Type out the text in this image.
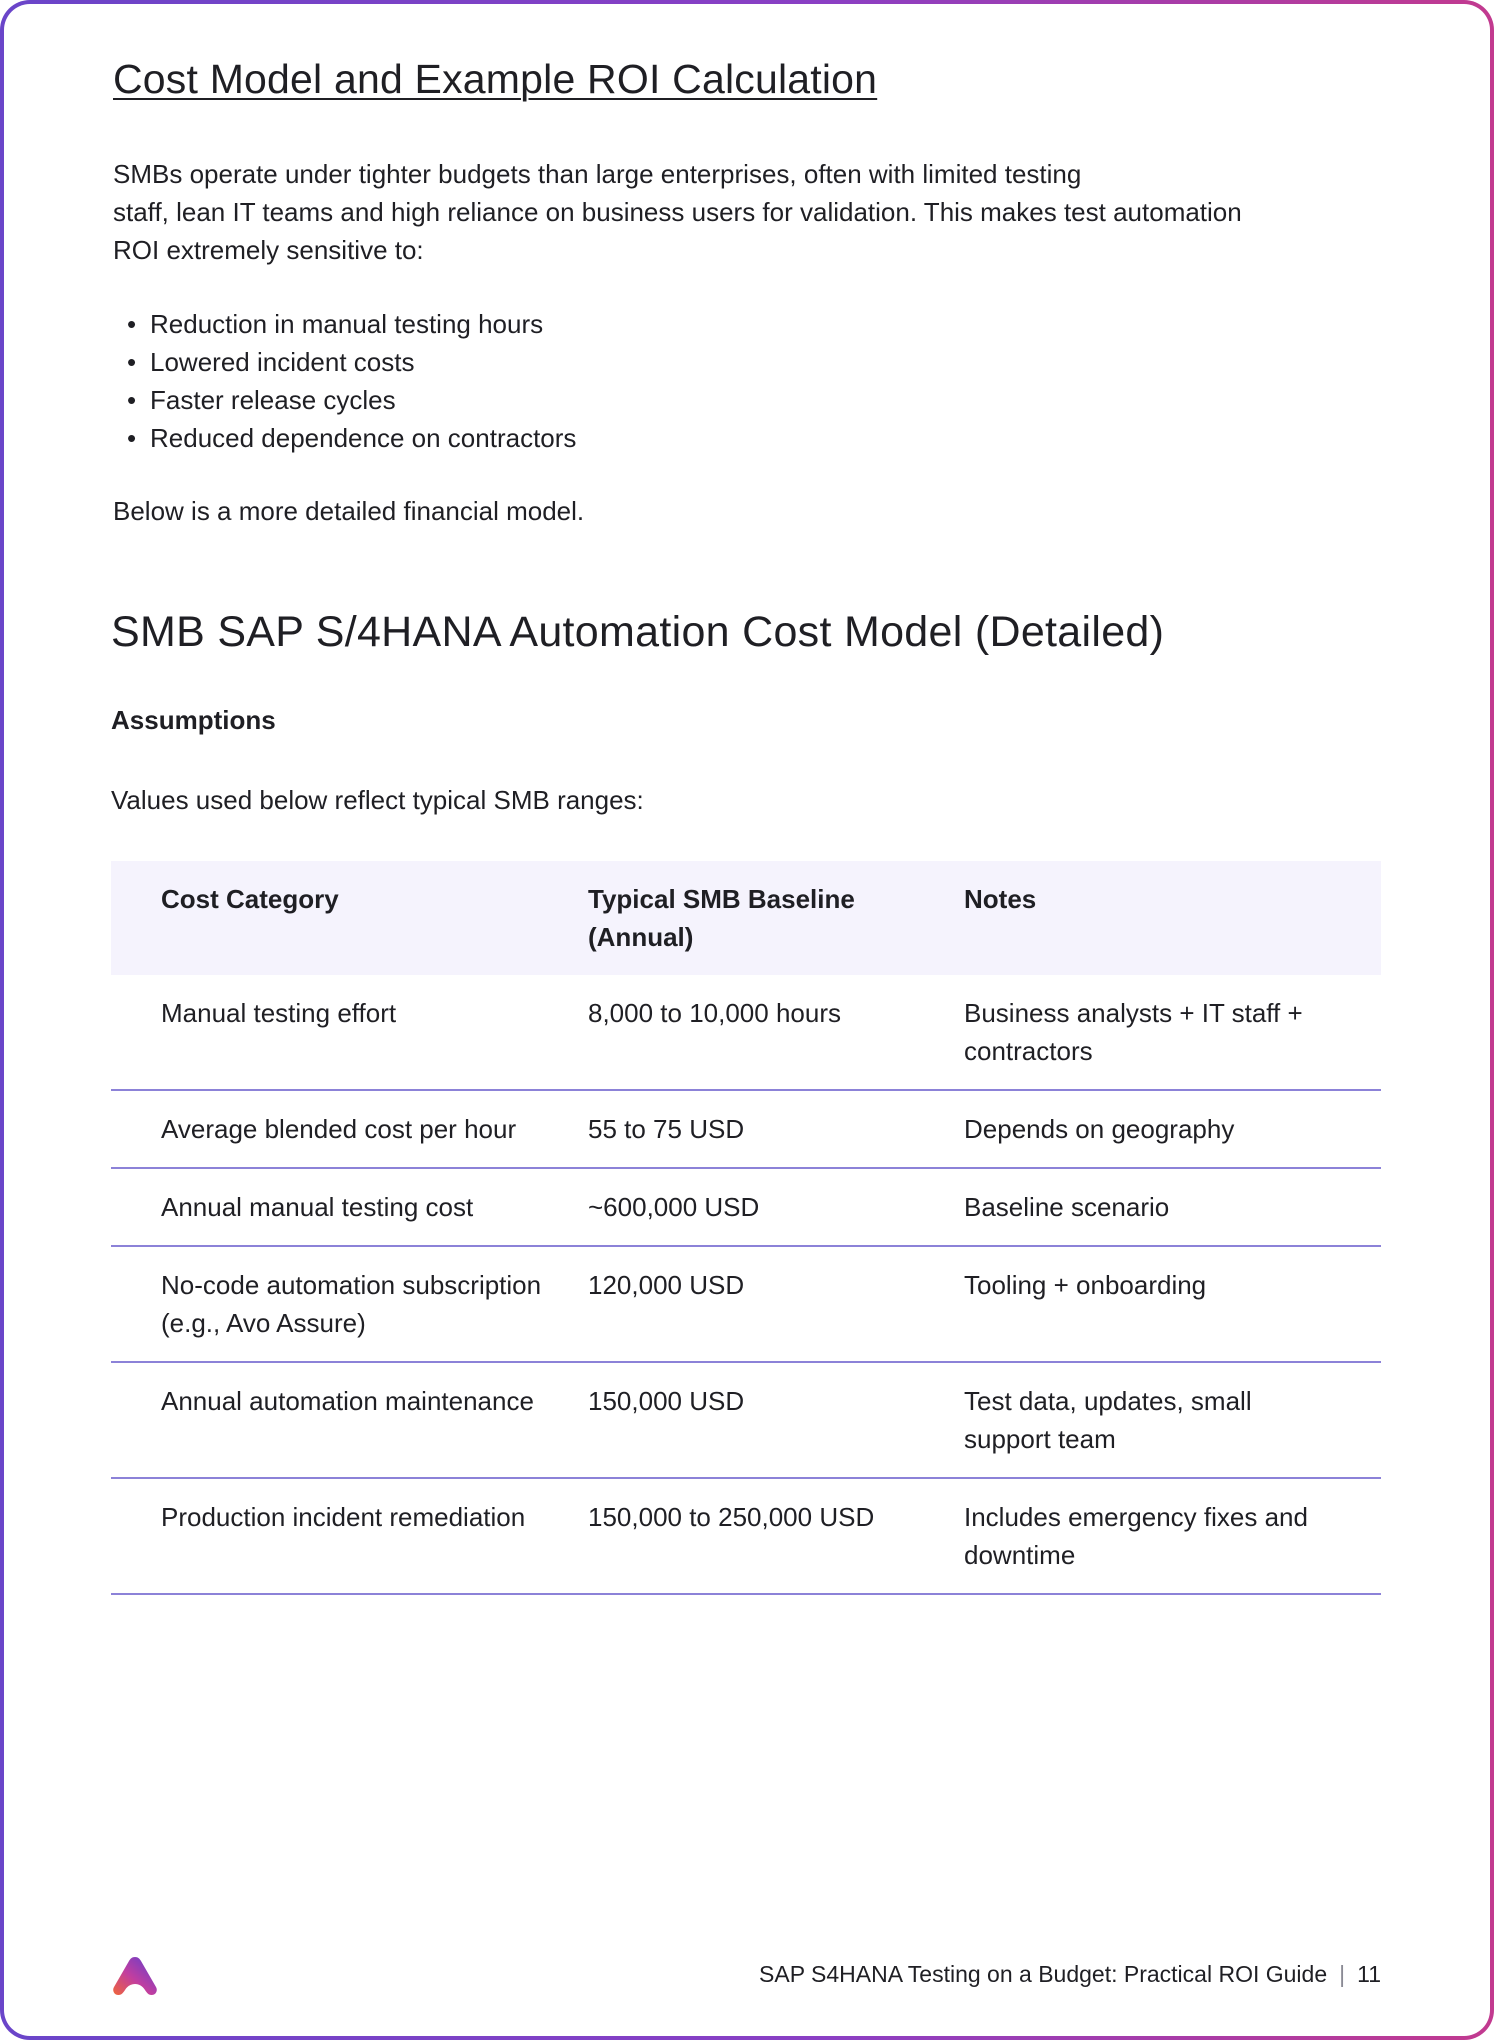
Cost Model and Example ROI Calculation

SMBs operate under tighter budgets than large enterprises, often with limited testing
staff, lean IT teams and high reliance on business users for validation. This makes test automation
ROI extremely sensitive to:

• Reduction in manual testing hours
• Lowered incident costs
• Faster release cycles
• Reduced dependence on contractors

Below is a more detailed financial model.

SMB SAP S/4HANA Automation Cost Model (Detailed)

Assumptions

Values used below reflect typical SMB ranges:

Cost Category	Typical SMB Baseline (Annual)	Notes
Manual testing effort	8,000 to 10,000 hours	Business analysts + IT staff + contractors
Average blended cost per hour	55 to 75 USD	Depends on geography
Annual manual testing cost	~600,000 USD	Baseline scenario
No-code automation subscription (e.g., Avo Assure)	120,000 USD	Tooling + onboarding
Annual automation maintenance	150,000 USD	Test data, updates, small support team
Production incident remediation	150,000 to 250,000 USD	Includes emergency fixes and downtime
SAP S4HANA Testing on a Budget: Practical ROI Guide | 11
